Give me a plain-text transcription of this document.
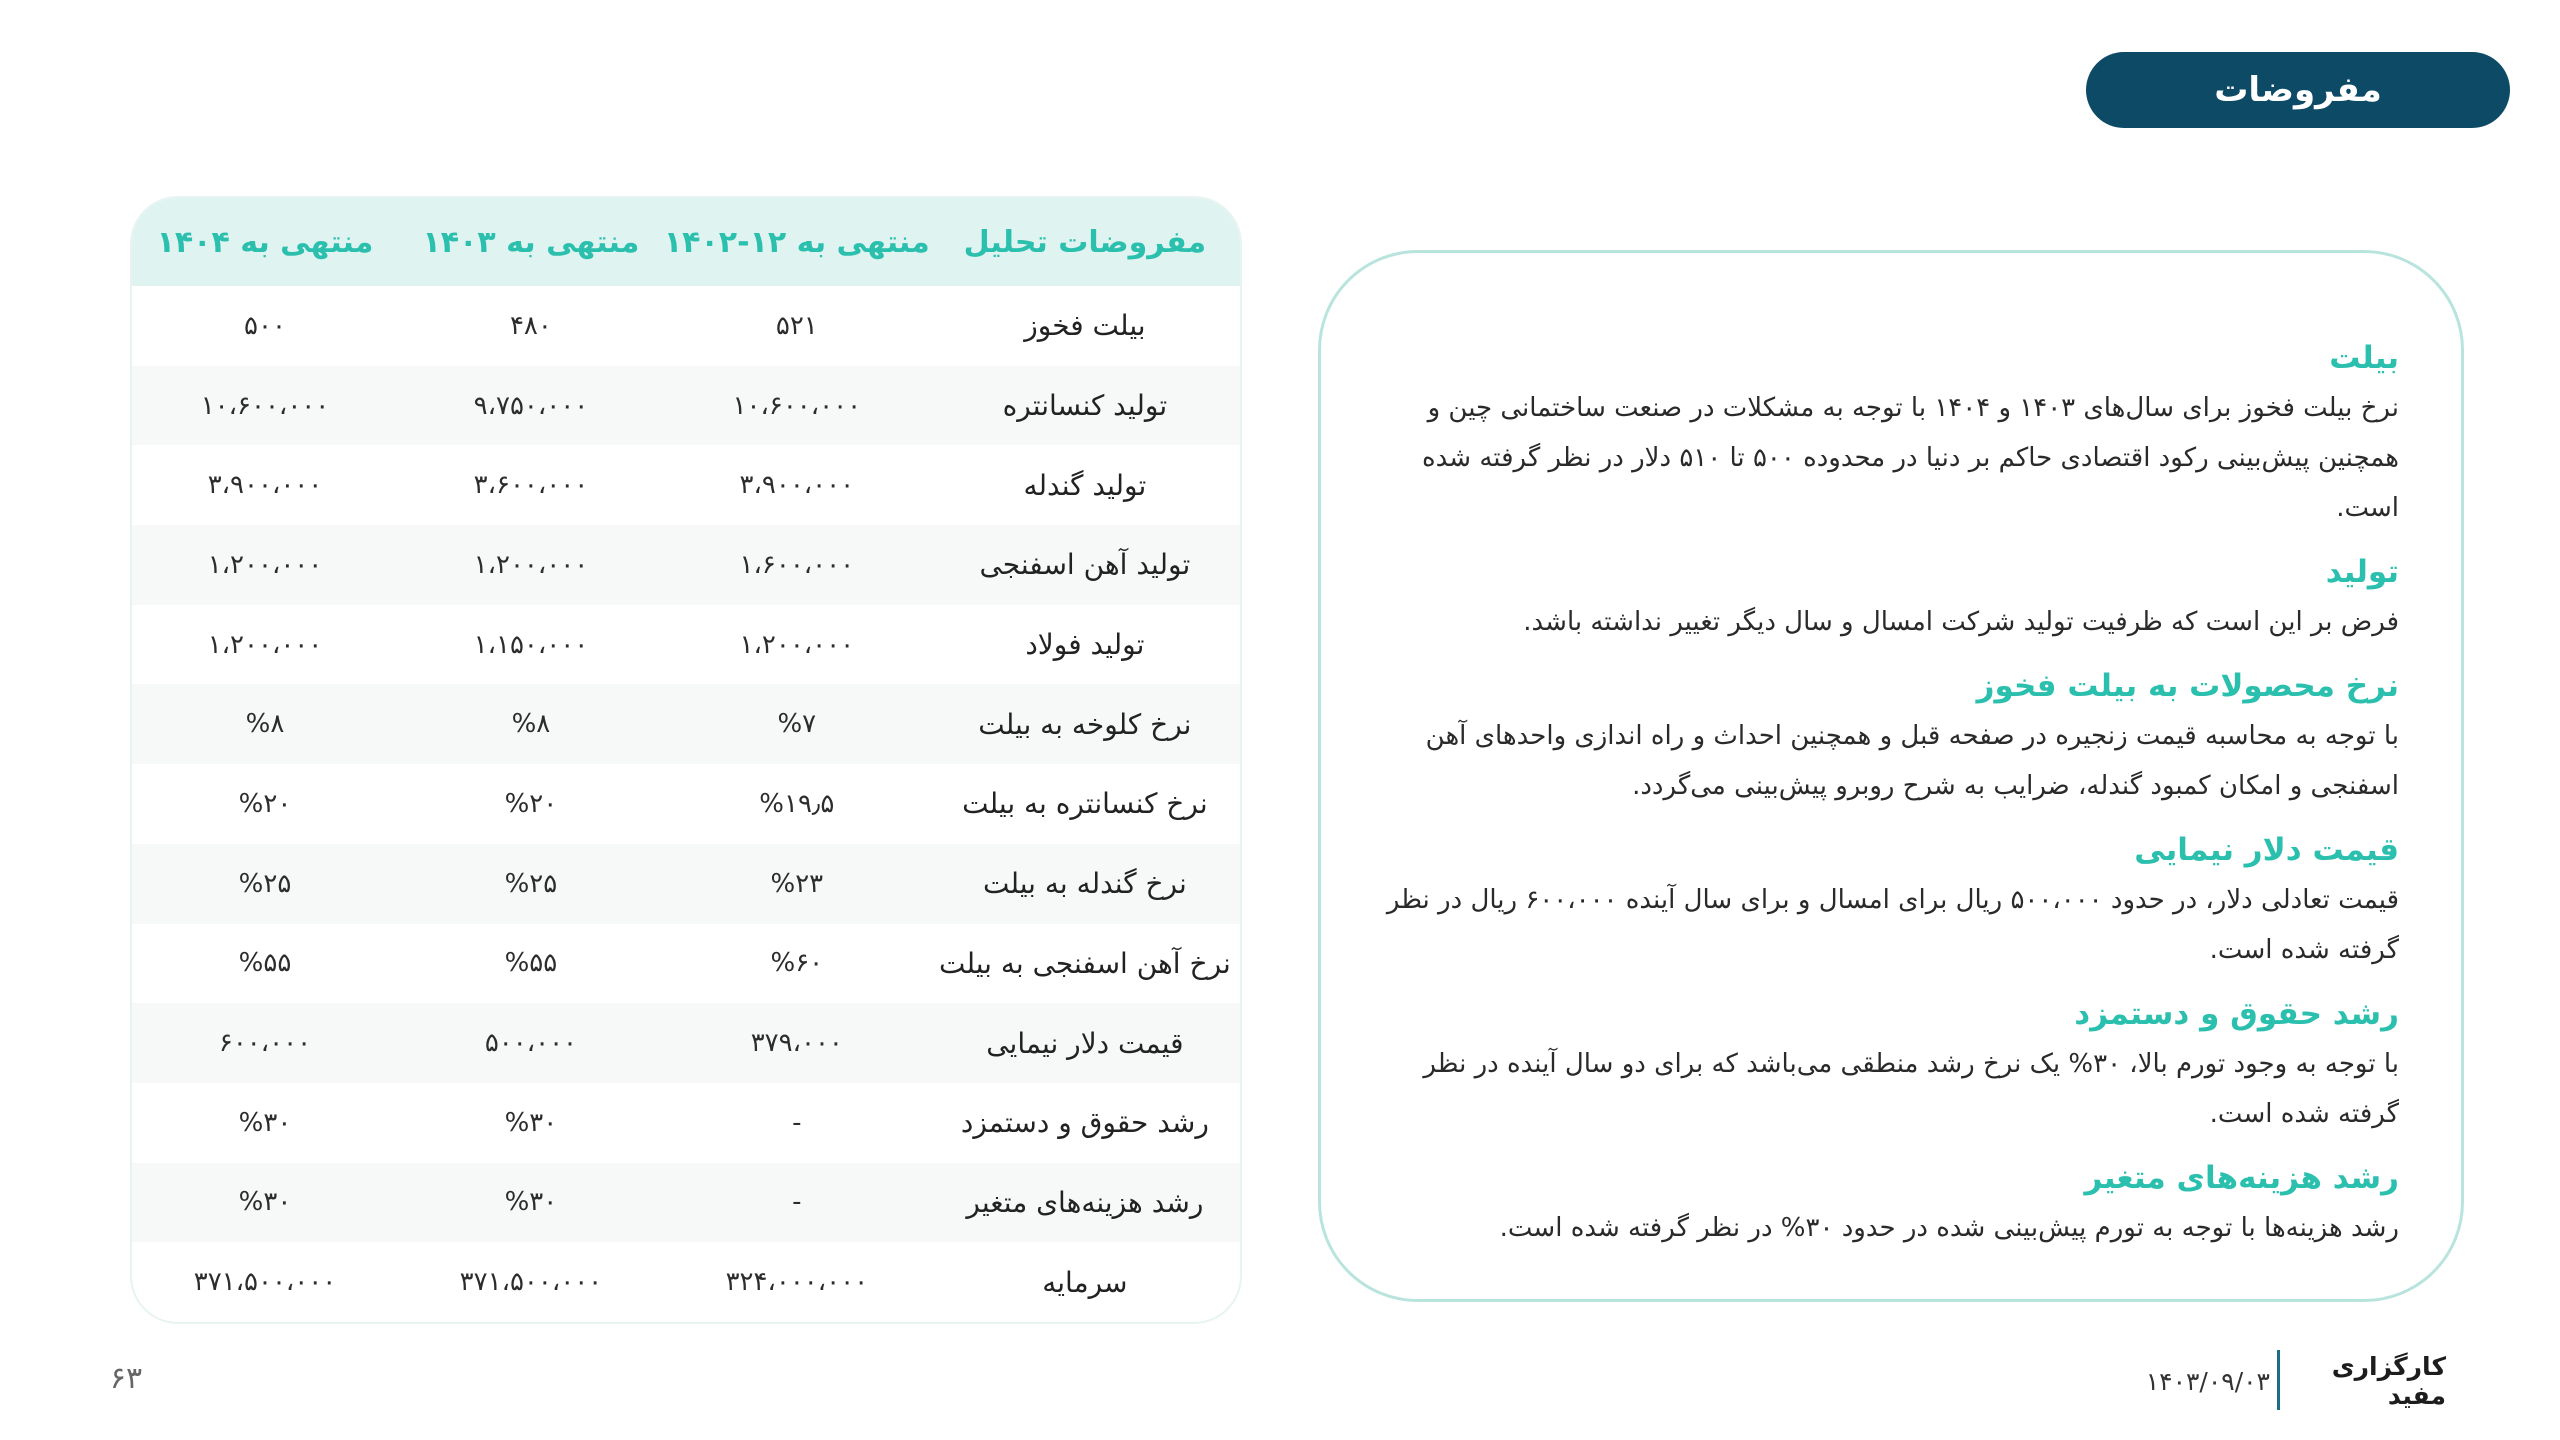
مفروضات
مفروضات تحلیل	منتهی به ۱۲-۱۴۰۲	منتهی به ۱۴۰۳	منتهی به ۱۴۰۴
بیلت فخوز	۵۲۱	۴۸۰	۵۰۰
تولید کنسانتره	۱۰،۶۰۰،۰۰۰	۹،۷۵۰،۰۰۰	۱۰،۶۰۰،۰۰۰
تولید گندله	۳،۹۰۰،۰۰۰	۳،۶۰۰،۰۰۰	۳،۹۰۰،۰۰۰
تولید آهن اسفنجی	۱،۶۰۰،۰۰۰	۱،۲۰۰،۰۰۰	۱،۲۰۰،۰۰۰
تولید فولاد	۱،۲۰۰،۰۰۰	۱،۱۵۰،۰۰۰	۱،۲۰۰،۰۰۰
نرخ کلوخه به بیلت	%۷	%۸	%۸
نرخ کنسانتره به بیلت	%۱۹٫۵	%۲۰	%۲۰
نرخ گندله به بیلت	%۲۳	%۲۵	%۲۵
نرخ آهن اسفنجی به بیلت	%۶۰	%۵۵	%۵۵
قیمت دلار نیمایی	۳۷۹،۰۰۰	۵۰۰،۰۰۰	۶۰۰،۰۰۰
رشد حقوق و دستمزد	-	%۳۰	%۳۰
رشد هزینه‌های متغیر	-	%۳۰	%۳۰
سرمایه	۳۲۴،۰۰۰،۰۰۰	۳۷۱،۵۰۰،۰۰۰	۳۷۱،۵۰۰،۰۰۰

بیلت

نرخ بیلت فخوز برای سال‌های ۱۴۰۳ و ۱۴۰۴ با توجه به مشکلات در صنعت ساختمانی چین و همچنین پیش‌بینی رکود اقتصادی حاکم بر دنیا در محدوده ۵۰۰ تا ۵۱۰ دلار در نظر گرفته شده است.

تولید

فرض بر این است که ظرفیت تولید شرکت امسال و سال دیگر تغییر نداشته باشد.

نرخ محصولات به بیلت فخوز

با توجه به محاسبه قیمت زنجیره در صفحه قبل و همچنین احداث و راه اندازی واحدهای آهن اسفنجی و امکان کمبود گندله، ضرایب به شرح روبرو پیش‌بینی می‌گردد.

قیمت دلار نیمایی

قیمت تعادلی دلار، در حدود ۵۰۰،۰۰۰ ریال برای امسال و برای سال آینده ۶۰۰،۰۰۰ ریال در نظر گرفته شده است.

رشد حقوق و دستمزد

با توجه به وجود تورم بالا، ۳۰% یک نرخ رشد منطقی می‌باشد که برای دو سال آینده در نظر گرفته شده است.

رشد هزینه‌های متغیر

رشد هزینه‌ها با توجه به تورم پیش‌بینی شده در حدود ۳۰% در نظر گرفته شده است.

کارگزاری مفید
۱۴۰۳/۰۹/۰۳
۶۳
